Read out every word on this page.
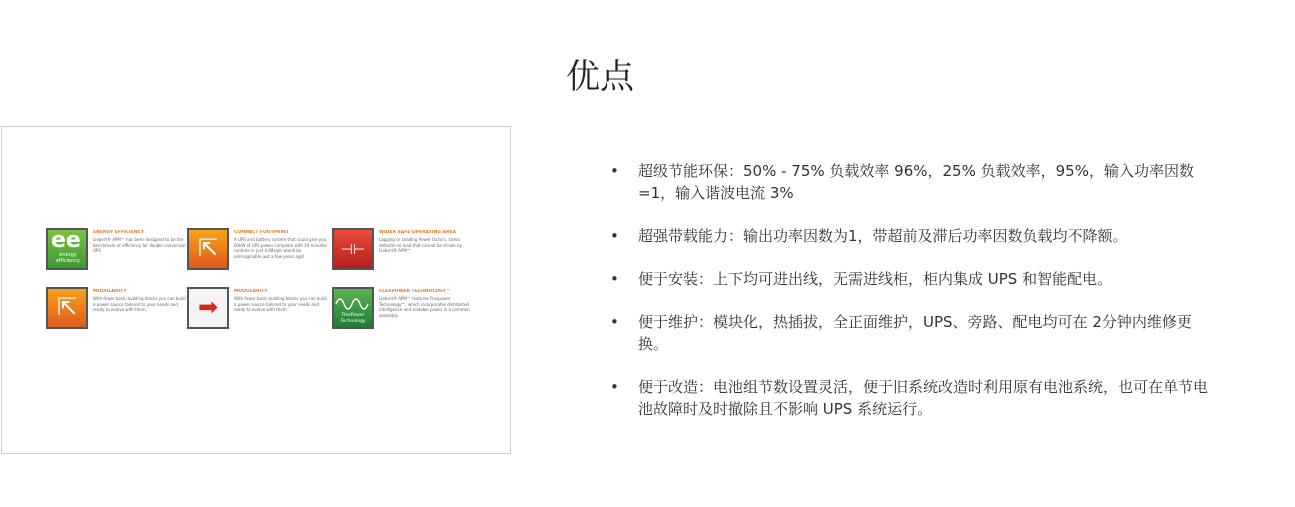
优点
ee
energy efficiency
ENERGY EFFICIENCY
Liebert® APM™ has been designed to be the benchmark of efficiency for double conversion UPS	⇱
COMPACT FOOTPRINT
A UPS and battery system that could give you 60kW of UPS power complete with 10 minutes runtime in just 0.68sqm would be unimaginable just a few years ago!	⊣⊢
WIDER SAFE OPERATING AREA
Lagging or Leading Power factors, stress defaults no load that cannot be driven by Liebert® APM™
⇱
MODULARITY
With fewer basic building blocks you can build a power source tailored to your needs and ready to evolve with them	➡
MODULARITY
With fewer basic building blocks you can build a power source tailored to your needs and ready to evolve with them
FlexPower Technology
FLEXPOWER TECHNOLOGY™
Liebert® APM™ features Flexpower Technology™, which incorporates distributed intelligence and scalable power in a common assembly
• 超级节能环保：50% - 75% 负载效率 96%，25% 负载效率，95%，输入功率因数=1，输入谐波电流 3%
• 超强带载能力：输出功率因数为1，带超前及滞后功率因数负载均不降额。
• 便于安装：上下均可进出线，无需进线柜，柜内集成 UPS 和智能配电。
• 便于维护：模块化，热插拔，全正面维护，UPS、旁路、配电均可在 2分钟内维修更换。
• 便于改造：电池组节数设置灵活，便于旧系统改造时利用原有电池系统，也可在单节电池故障时及时撤除且不影响 UPS 系统运行。
